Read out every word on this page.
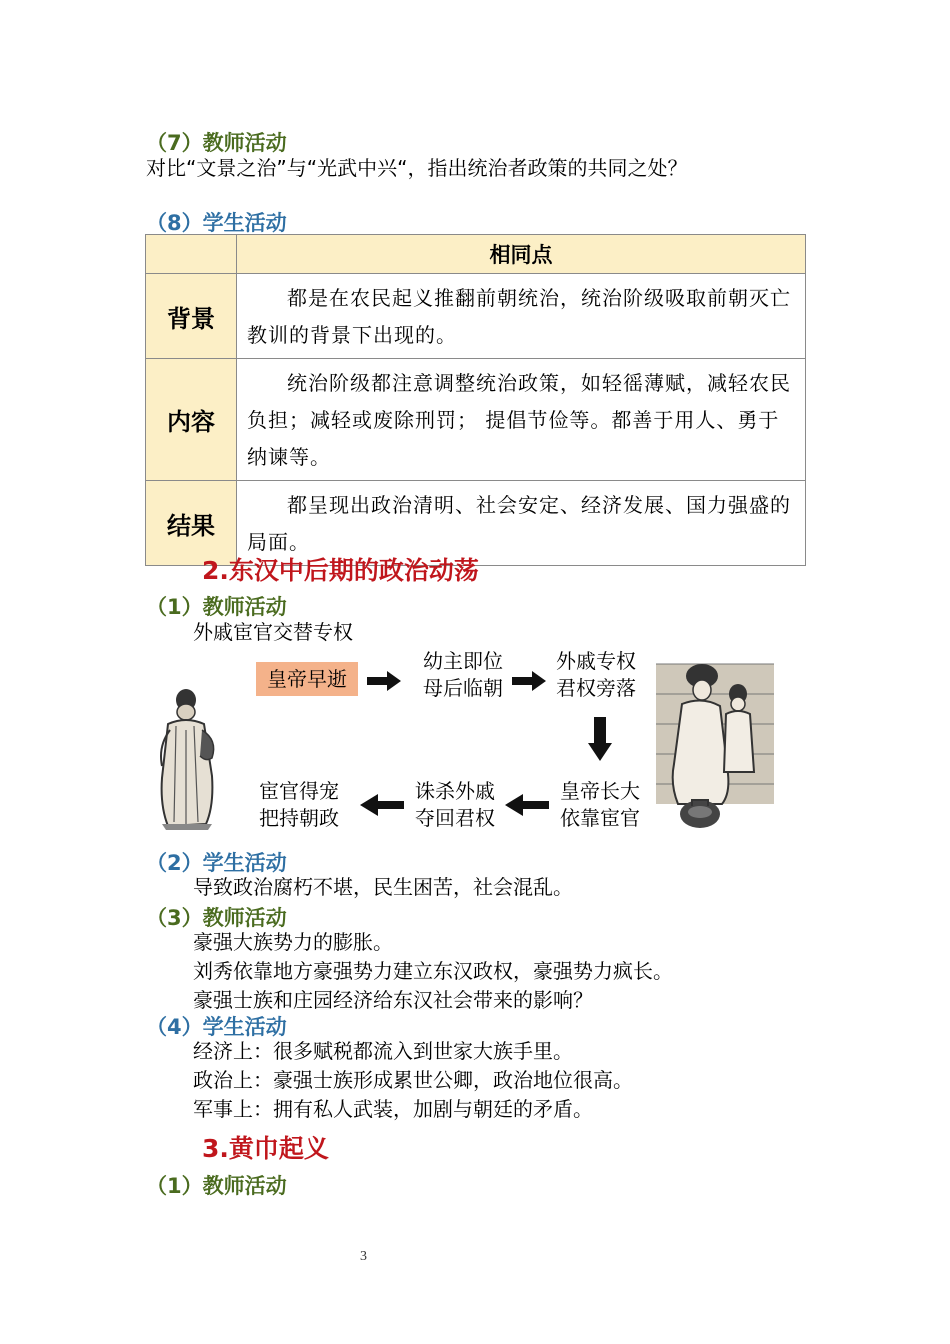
（7）教师活动
对比“文景之治”与“光武中兴“，指出统治者政策的共同之处？
（8）学生活动
	相同点
背景	都是在农民起义推翻前朝统治，统治阶级吸取前朝灭亡教训的背景下出现的。
内容	统治阶级都注意调整统治政策，如轻徭薄赋，减轻农民负担；减轻或废除刑罚； 提倡节俭等。都善于用人、勇于纳谏等。
结果	都呈现出政治清明、社会安定、经济发展、国力强盛的局面。
2.东汉中后期的政治动荡
（1）教师活动
外戚宦官交替专权
皇帝早逝
幼主即位
母后临朝
外戚专权
君权旁落
皇帝长大
依靠宦官
诛杀外戚
夺回君权
宦官得宠
把持朝政
（2）学生活动
导致政治腐朽不堪，民生困苦，社会混乱。
（3）教师活动
豪强大族势力的膨胀。
刘秀依靠地方豪强势力建立东汉政权，豪强势力疯长。
豪强士族和庄园经济给东汉社会带来的影响？
（4）学生活动
经济上：很多赋税都流入到世家大族手里。
政治上：豪强士族形成累世公卿，政治地位很高。
军事上：拥有私人武装，加剧与朝廷的矛盾。
3.黄巾起义
（1）教师活动
3
